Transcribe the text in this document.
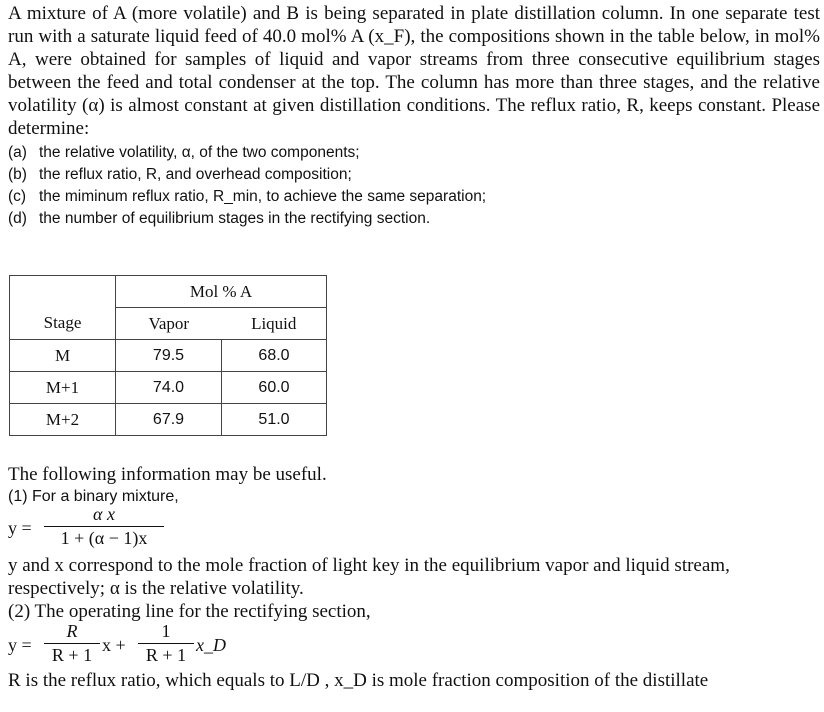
A mixture of A (more volatile) and B is being separated in plate distillation column. In one separate test run with a saturate liquid feed of 40.0 mol% A (x_F), the compositions shown in the table below, in mol% A, were obtained for samples of liquid and vapor streams from three consecutive equilibrium stages between the feed and total condenser at the top. The column has more than three stages, and the relative volatility (α) is almost constant at given distillation conditions. The reflux ratio, R, keeps constant. Please determine:

(a) the relative volatility, α, of the two components;

(b) the reflux ratio, R, and overhead composition;

(c) the miminum reflux ratio, R_min, to achieve the same separation;

(d) the number of equilibrium stages in the rectifying section.

	Mol % A	
Stage	Vapor	Liquid
M	79.5	68.0
M+1	74.0	60.0
M+2	67.9	51.0

The following information may be useful.

(1) For a binary mixture,

y =
α x
1 + (α − 1)x

y and x correspond to the mole fraction of light key in the equilibrium vapor and liquid stream, respectively; α is the relative volatility.

(2) The operating line for the rectifying section,

y =
R
R + 1 x +
1
R + 1 x_D

R is the reflux ratio, which equals to L/D , x_D is mole fraction composition of the distillate
